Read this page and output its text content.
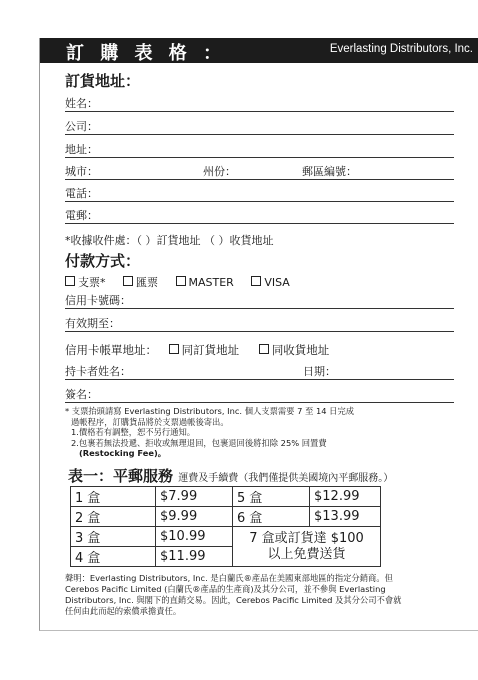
訂 購 表 格 ：	Everlasting Distributors, Inc.
訂貨地址：
姓名：
公司：
地址：
城市：	州份：	郵區編號：
電話：
電郵：
*收據收件處：（ ）訂貨地址 （ ）收貨地址
付款方式：
支票*	匯票	MASTER	VISA
信用卡號碼：
有效期至：
信用卡帳單地址： 同訂貨地址	同收貨地址
持卡者姓名：	日期：
簽名：
* 支票抬頭請寫 Everlasting Distributors, Inc. 個人支票需要 7 至 14 日完成
過帳程序，訂購貨品將於支票過帳後寄出。
1.價格若有調整，恕不另行通知。
2.包裹若無法投遞、拒收或無理退回，包裹退回後將扣除 25% 回置費
(Restocking Fee)。
表一：平郵服務 運費及手續費（我們僅提供美國境內平郵服務。）
1 盒	$7.99	5 盒	$12.99
2 盒	$9.99	6 盒	$13.99
3 盒	$10.99	7 盒或訂貨達 $100
以上免費送貨	

4 盒	$11.99		
聲明：Everlasting Distributors, Inc. 是白蘭氏®產品在美國東部地區的指定分銷商。但
Cerebos Pacific Limited (白蘭氏®產品的生產商)及其分公司，並不參與 Everlasting
Distributors, Inc. 與閣下的直銷交易。因此，Cerebos Pacific Limited 及其分公司不會就
任何由此而起的索償承擔責任。
